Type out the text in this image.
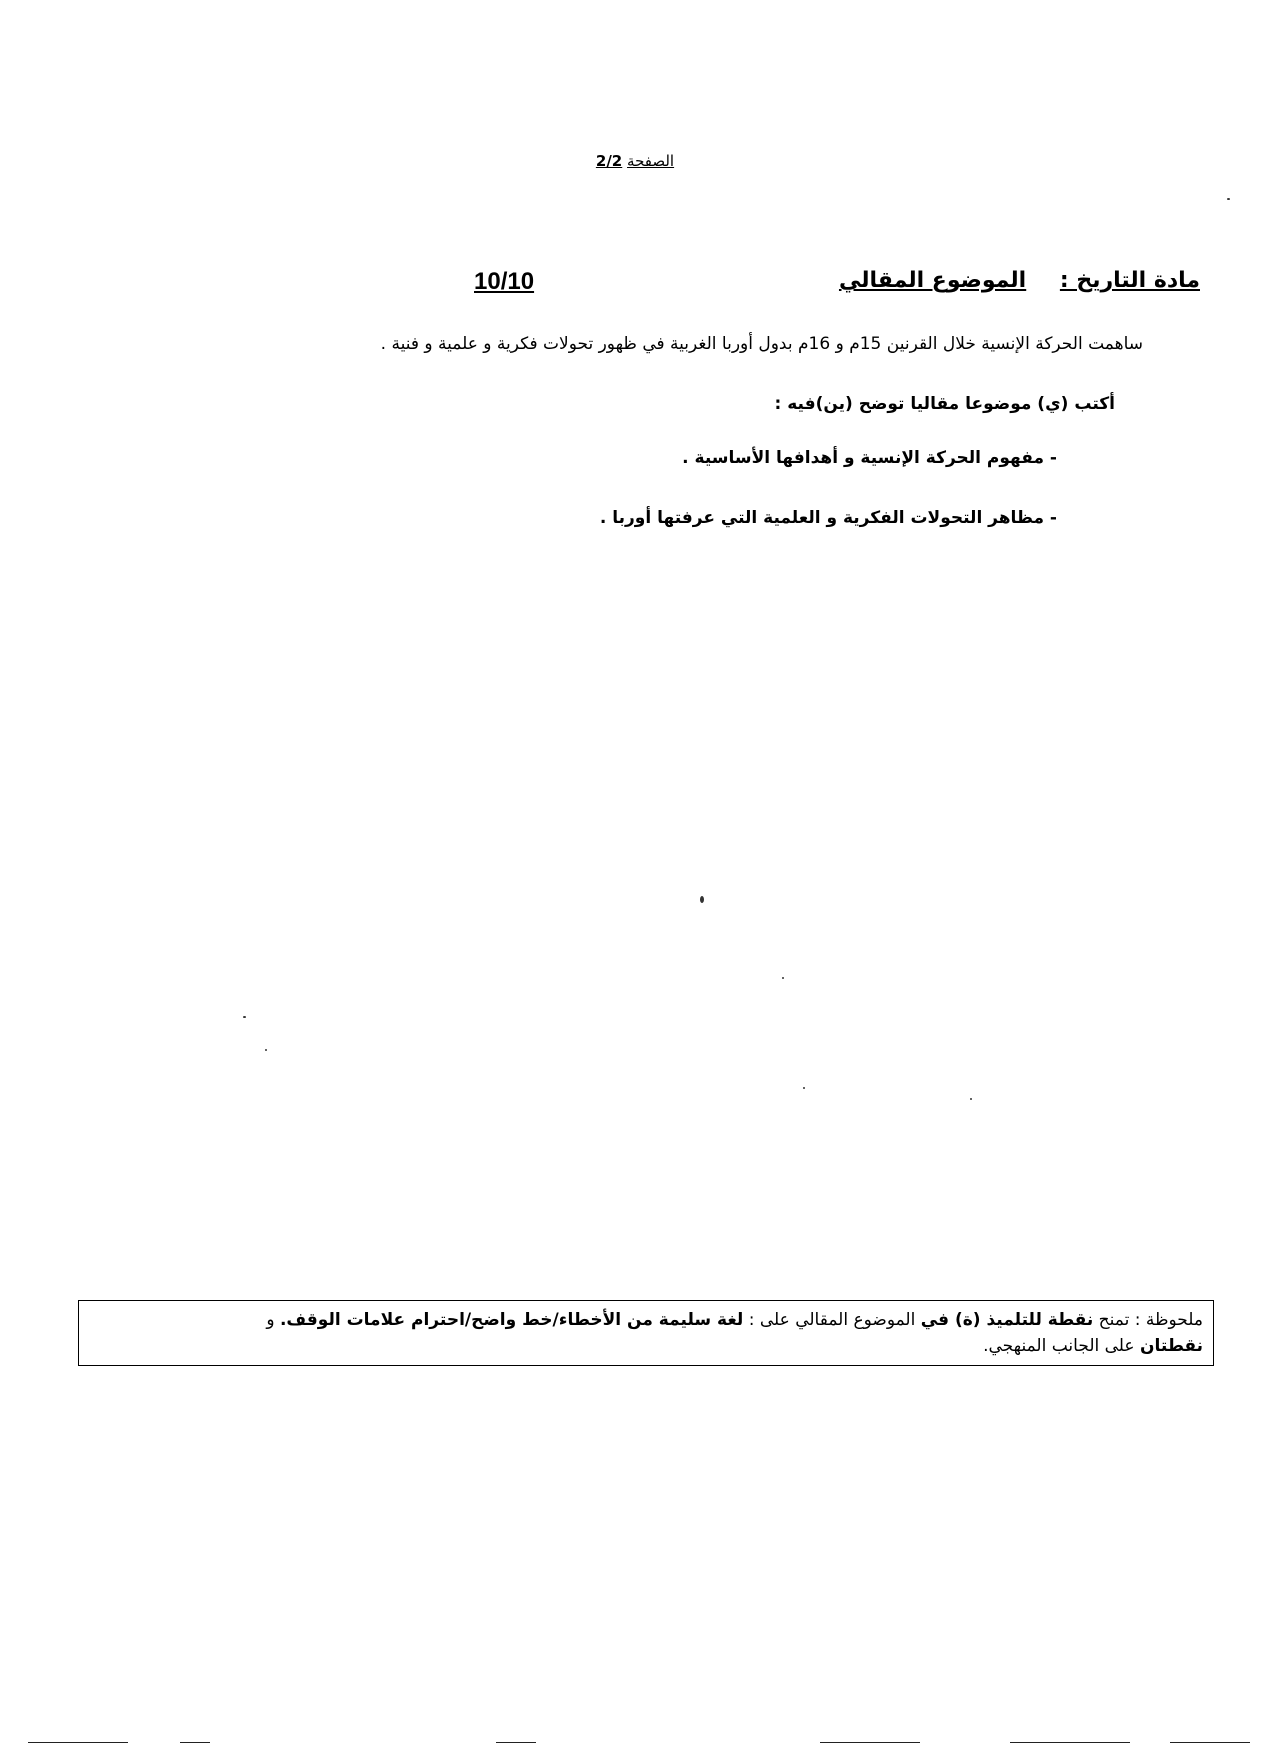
الصفحة 2/2
مادة التاريخ : الموضوع المقالي
10/10
ساهمت الحركة الإنسية خلال القرنين 15م و 16م بدول أوربا الغربية في ظهور تحولات فكرية و علمية و فنية .
أكتب (ي) موضوعا مقاليا توضح (ين)فيه :
- مفهوم الحركة الإنسية و أهدافها الأساسية .
- مظاهر التحولات الفكرية و العلمية التي عرفتها أوربا .
ملحوظة : تمنح نقطة للتلميذ (ة) في الموضوع المقالي على : لغة سليمة من الأخطاء/خط واضح/احترام علامات الوقف. و
نقطتان على الجانب المنهجي.
